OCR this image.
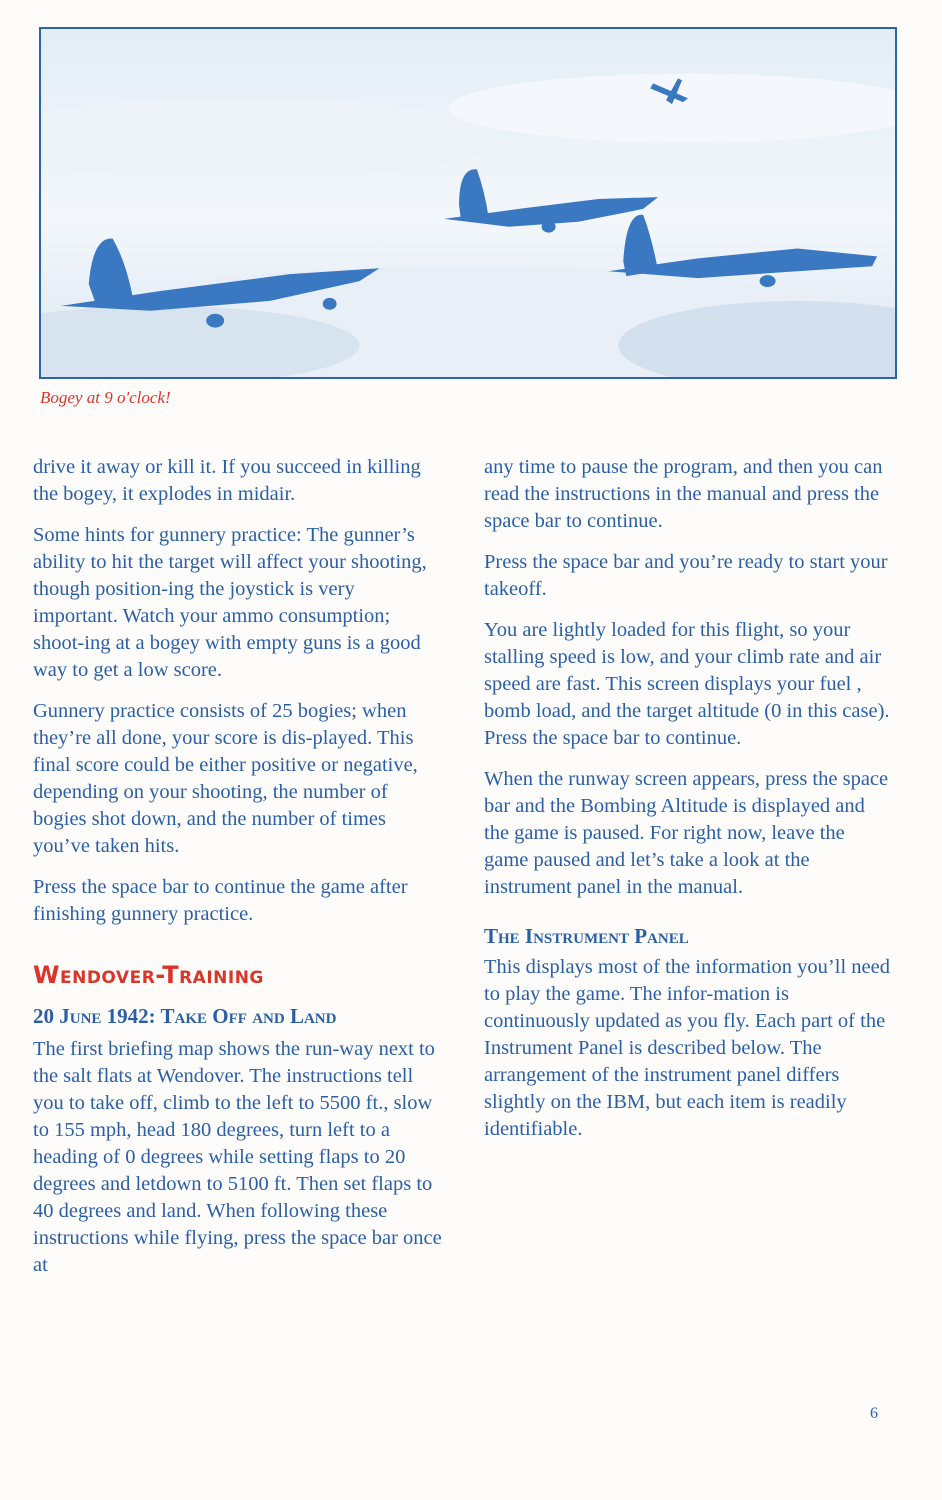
Bogey at 9 o'clock!

drive it away or kill it. If you succeed in killing the bogey, it explodes in midair.

Some hints for gunnery practice: The gunner’s ability to hit the target will affect your shooting, though position-ing the joystick is very important. Watch your ammo consumption; shoot-ing at a bogey with empty guns is a good way to get a low score.

Gunnery practice consists of 25 bogies; when they’re all done, your score is dis-played. This final score could be either positive or negative, depending on your shooting, the number of bogies shot down, and the number of times you’ve taken hits.

Press the space bar to continue the game after finishing gunnery practice.

Wendover-Training
20 June 1942: Take Off and Land

The first briefing map shows the run-way next to the salt flats at Wendover. The instructions tell you to take off, climb to the left to 5500 ft., slow to 155 mph, head 180 degrees, turn left to a heading of 0 degrees while setting flaps to 20 degrees and letdown to 5100 ft. Then set flaps to 40 degrees and land. When following these instructions while flying, press the space bar once at

any time to pause the program, and then you can read the instructions in the manual and press the space bar to continue.

Press the space bar and you’re ready to start your takeoff.

You are lightly loaded for this flight, so your stalling speed is low, and your climb rate and air speed are fast. This screen displays your fuel , bomb load, and the target altitude (0 in this case). Press the space bar to continue.

When the runway screen appears, press the space bar and the Bombing Altitude is displayed and the game is paused. For right now, leave the game paused and let’s take a look at the instrument panel in the manual.

The Instrument Panel

This displays most of the information you’ll need to play the game. The infor-mation is continuously updated as you fly. Each part of the Instrument Panel is described below. The arrangement of the instrument panel differs slightly on the IBM, but each item is readily identifiable.

6
